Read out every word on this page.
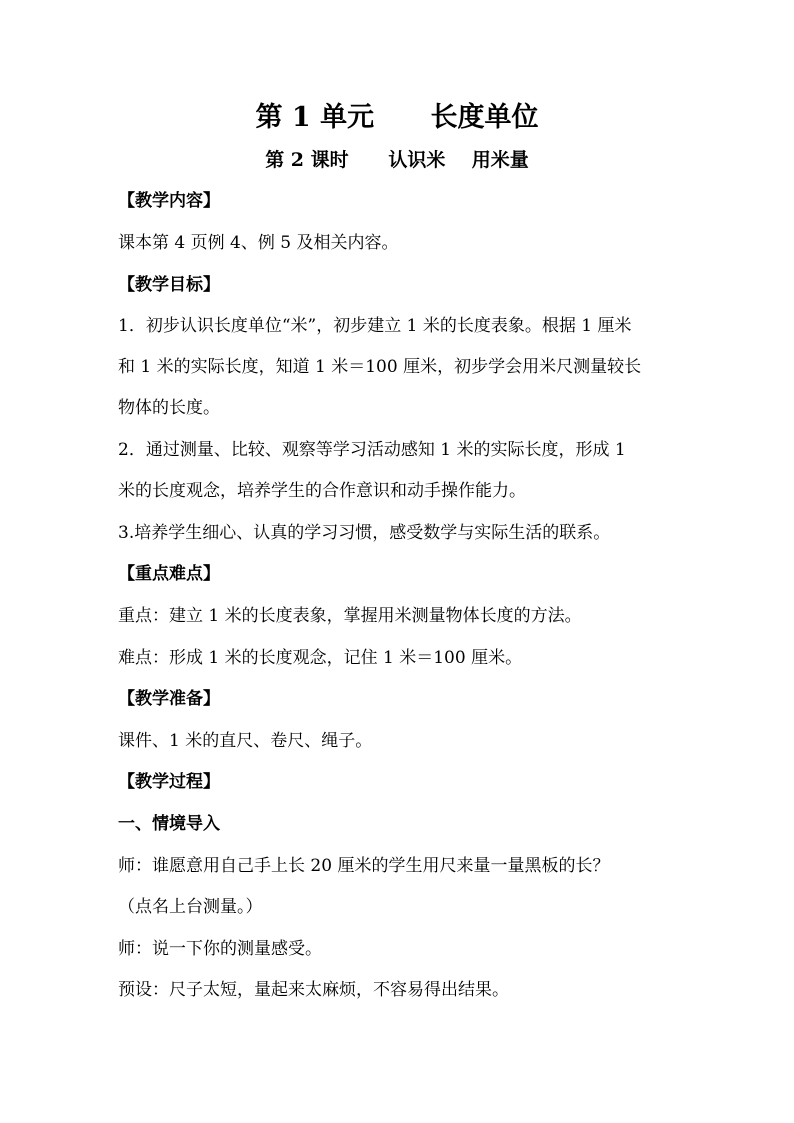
第 1 单元      长度单位
第 2 课时      认识米    用米量
【教学内容】
课本第 4 页例 4、例 5 及相关内容。
【教学目标】
1．初步认识长度单位“米”，初步建立 1 米的长度表象。根据 1 厘米
和 1 米的实际长度，知道 1 米＝100 厘米，初步学会用米尺测量较长
物体的长度。
2．通过测量、比较、观察等学习活动感知 1 米的实际长度，形成 1
米的长度观念，培养学生的合作意识和动手操作能力。
3.培养学生细心、认真的学习习惯，感受数学与实际生活的联系。
【重点难点】
重点：建立 1 米的长度表象，掌握用米测量物体长度的方法。
难点：形成 1 米的长度观念，记住 1 米＝100 厘米。
【教学准备】
课件、1 米的直尺、卷尺、绳子。
【教学过程】
一、情境导入
师：谁愿意用自己手上长 20 厘米的学生用尺来量一量黑板的长？
（点名上台测量。）
师：说一下你的测量感受。
预设：尺子太短，量起来太麻烦，不容易得出结果。
